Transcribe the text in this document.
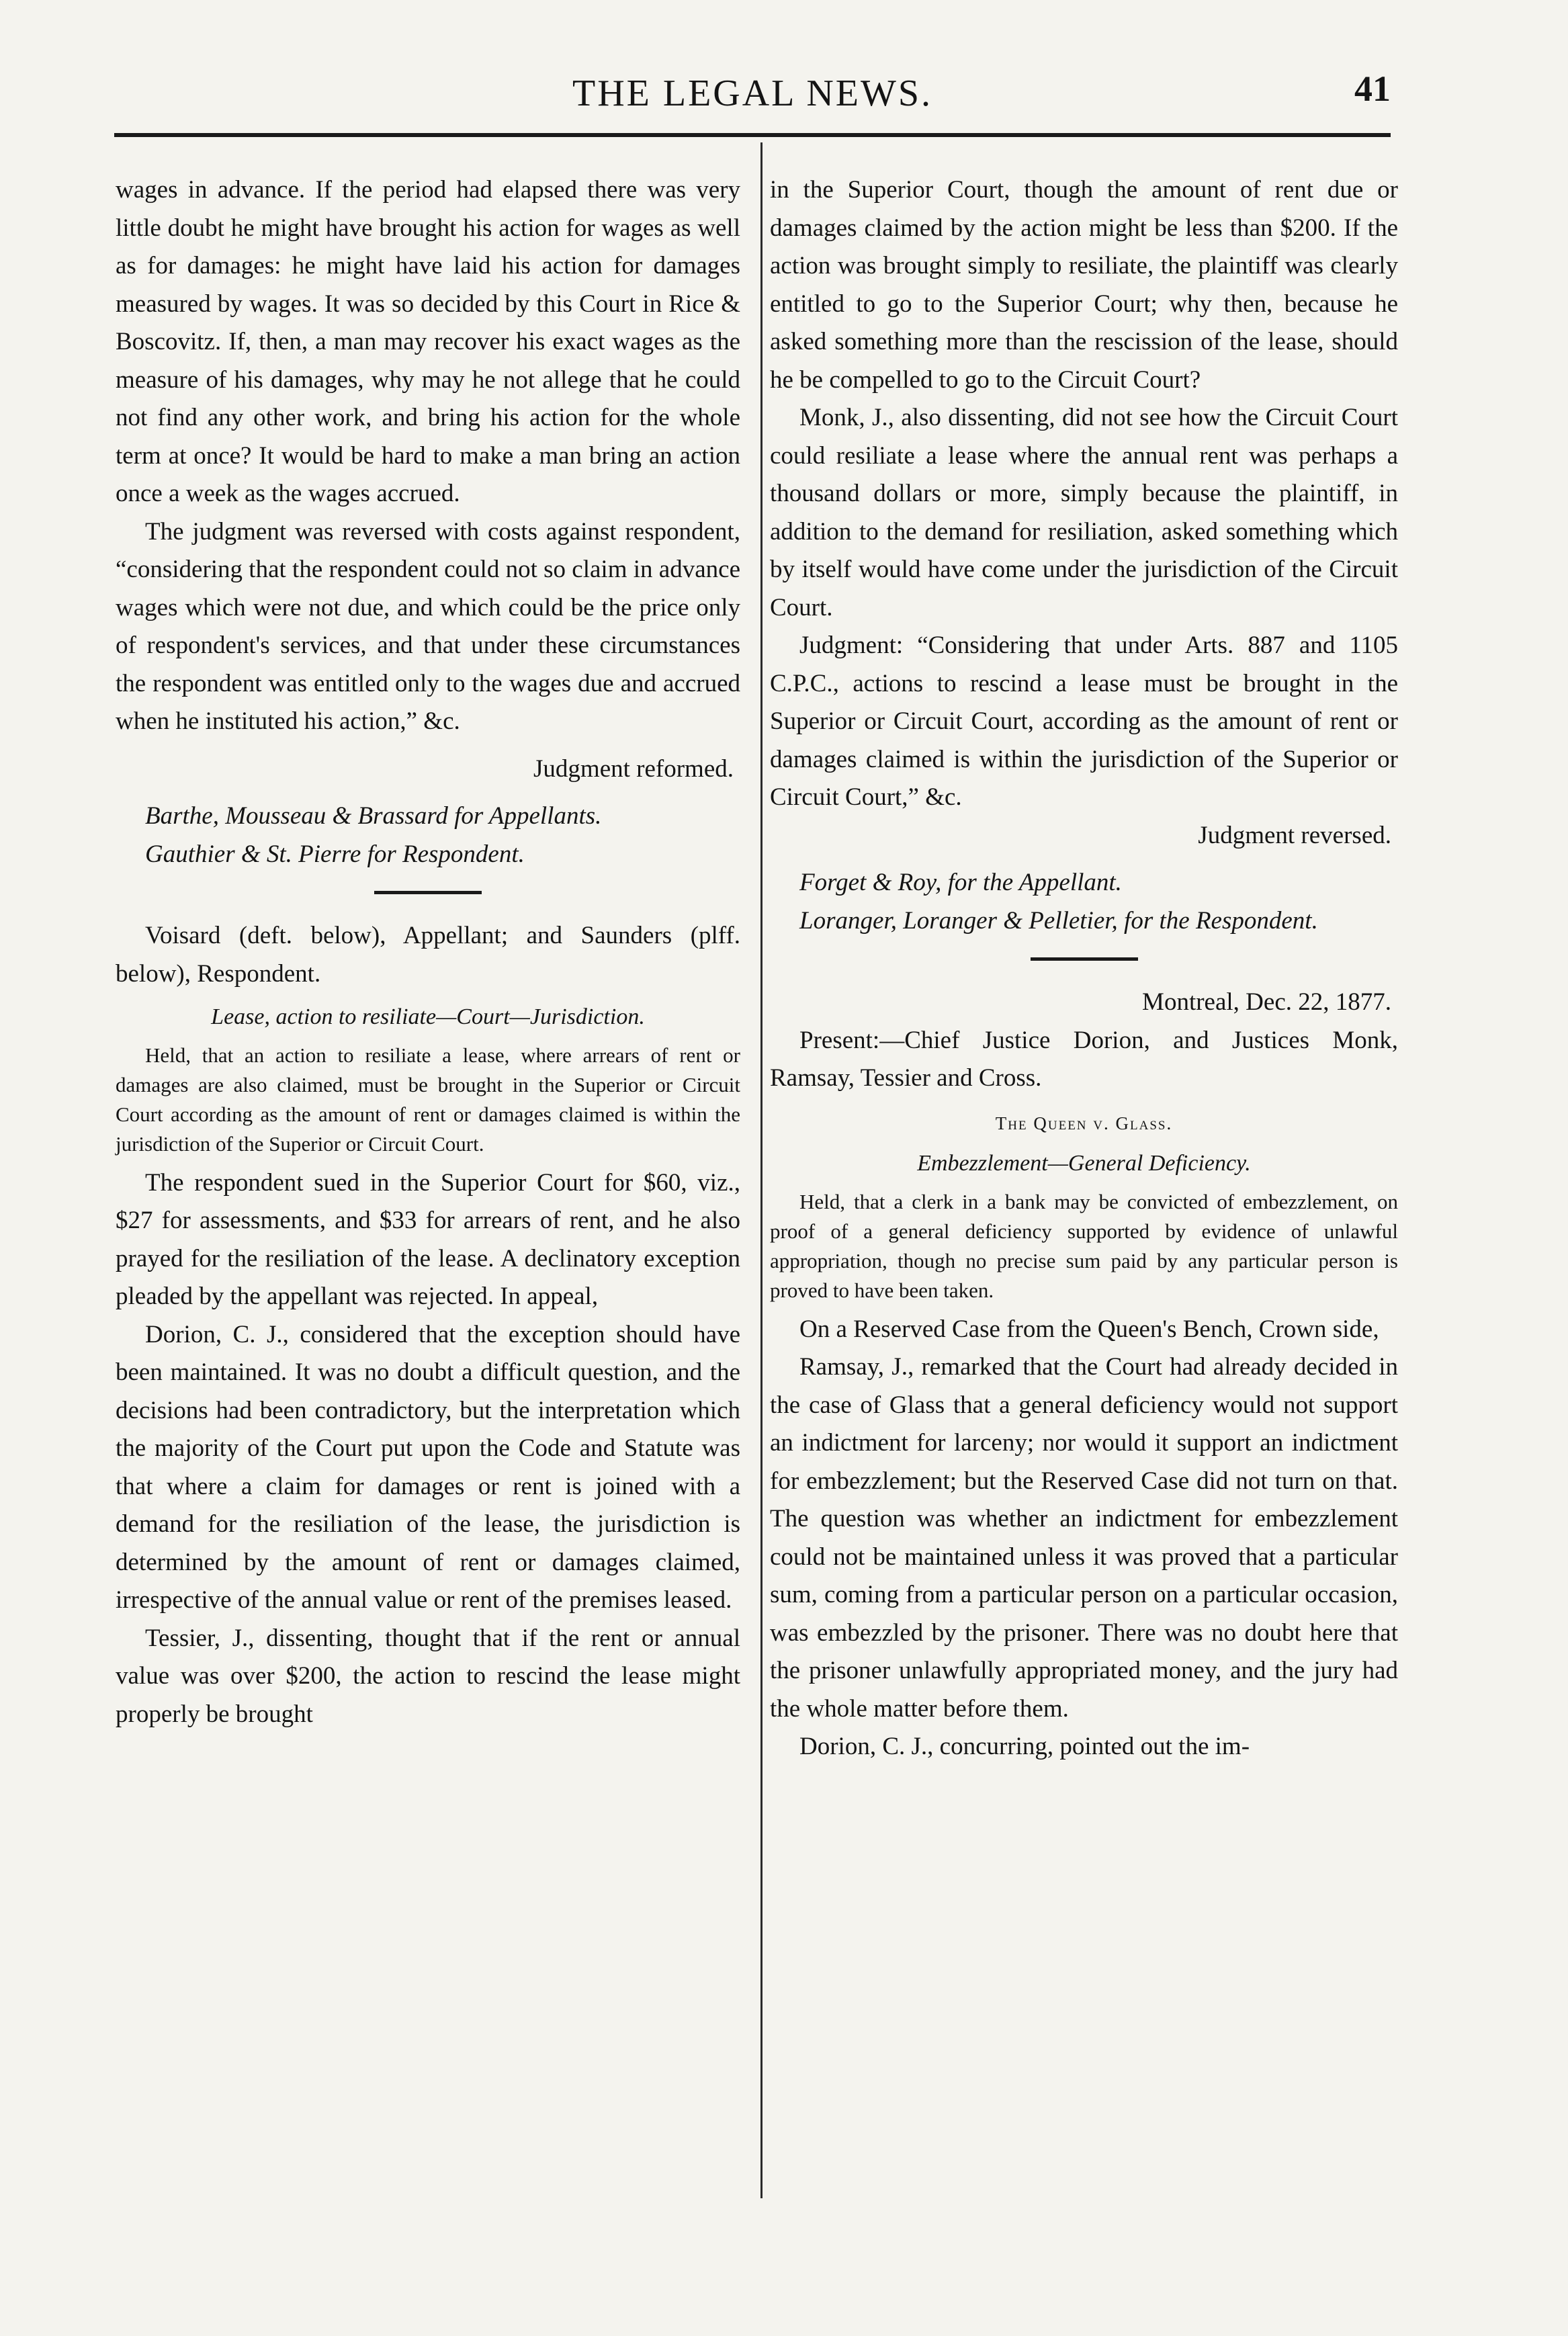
THE LEGAL NEWS.	41

wages in advance. If the period had elapsed there was very little doubt he might have brought his action for wages as well as for damages: he might have laid his action for damages measured by wages. It was so decided by this Court in Rice & Boscovitz. If, then, a man may recover his exact wages as the measure of his damages, why may he not allege that he could not find any other work, and bring his action for the whole term at once? It would be hard to make a man bring an action once a week as the wages accrued.

The judgment was reversed with costs against respondent, “considering that the respondent could not so claim in advance wages which were not due, and which could be the price only of respondent's services, and that under these circumstances the respondent was entitled only to the wages due and accrued when he instituted his action,” &c.

Judgment reformed.

Barthe, Mousseau & Brassard for Appellants.

Gauthier & St. Pierre for Respondent.

Voisard (deft. below), Appellant; and Saunders (plff. below), Respondent.

Lease, action to resiliate—Court—Jurisdiction.

Held, that an action to resiliate a lease, where arrears of rent or damages are also claimed, must be brought in the Superior or Circuit Court according as the amount of rent or damages claimed is within the jurisdiction of the Superior or Circuit Court.

The respondent sued in the Superior Court for $60, viz., $27 for assessments, and $33 for arrears of rent, and he also prayed for the resiliation of the lease. A declinatory exception pleaded by the appellant was rejected. In appeal,

Dorion, C. J., considered that the exception should have been maintained. It was no doubt a difficult question, and the decisions had been contradictory, but the interpretation which the majority of the Court put upon the Code and Statute was that where a claim for damages or rent is joined with a demand for the resiliation of the lease, the jurisdiction is determined by the amount of rent or damages claimed, irrespective of the annual value or rent of the premises leased.

Tessier, J., dissenting, thought that if the rent or annual value was over $200, the action to rescind the lease might properly be brought

in the Superior Court, though the amount of rent due or damages claimed by the action might be less than $200. If the action was brought simply to resiliate, the plaintiff was clearly entitled to go to the Superior Court; why then, because he asked something more than the rescission of the lease, should he be compelled to go to the Circuit Court?

Monk, J., also dissenting, did not see how the Circuit Court could resiliate a lease where the annual rent was perhaps a thousand dollars or more, simply because the plaintiff, in addition to the demand for resiliation, asked something which by itself would have come under the jurisdiction of the Circuit Court.

Judgment: “Considering that under Arts. 887 and 1105 C.P.C., actions to rescind a lease must be brought in the Superior or Circuit Court, according as the amount of rent or damages claimed is within the jurisdiction of the Superior or Circuit Court,” &c.

Judgment reversed.

Forget & Roy, for the Appellant.

Loranger, Loranger & Pelletier, for the Respondent.

Montreal, Dec. 22, 1877.

Present:—Chief Justice Dorion, and Justices Monk, Ramsay, Tessier and Cross.

The Queen v. Glass.

Embezzlement—General Deficiency.

Held, that a clerk in a bank may be convicted of embezzlement, on proof of a general deficiency supported by evidence of unlawful appropriation, though no precise sum paid by any particular person is proved to have been taken.

On a Reserved Case from the Queen's Bench, Crown side,

Ramsay, J., remarked that the Court had already decided in the case of Glass that a general deficiency would not support an indictment for larceny; nor would it support an indictment for embezzlement; but the Reserved Case did not turn on that. The question was whether an indictment for embezzlement could not be maintained unless it was proved that a particular sum, coming from a particular person on a particular occasion, was embezzled by the prisoner. There was no doubt here that the prisoner unlawfully appropriated money, and the jury had the whole matter before them.

Dorion, C. J., concurring, pointed out the im-
